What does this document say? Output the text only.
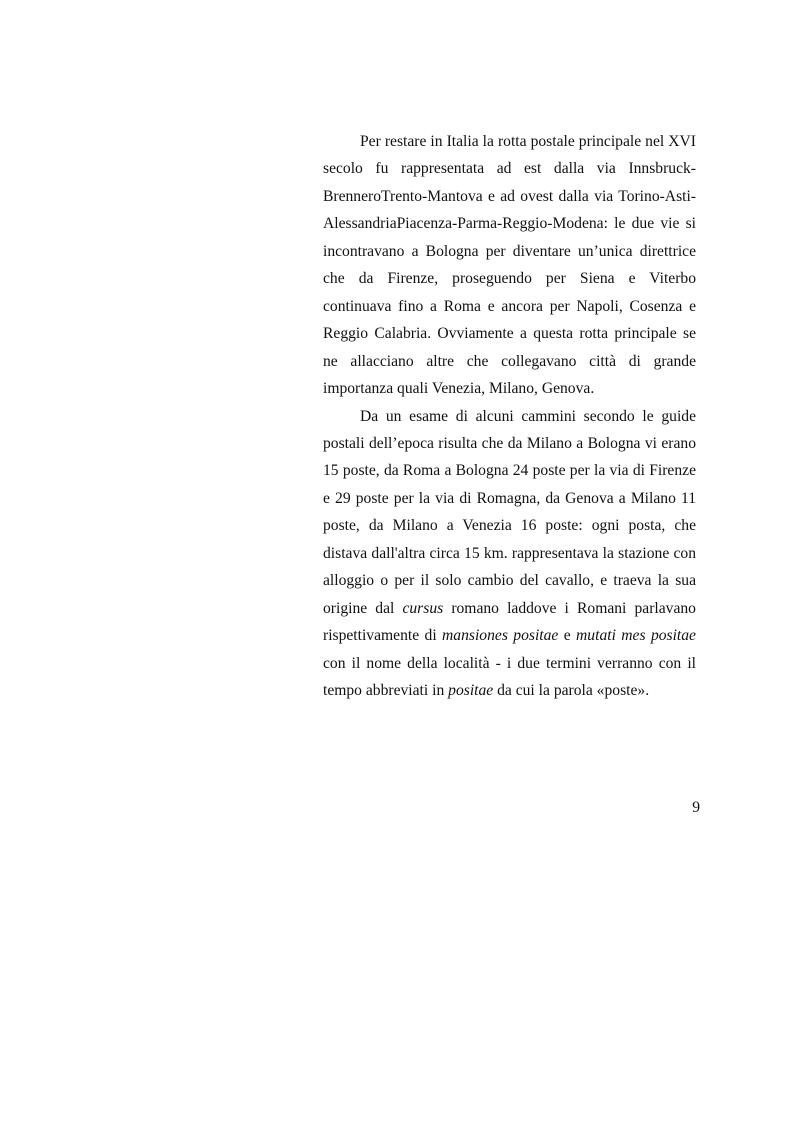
Per restare in Italia la rotta postale principale nel XVI secolo fu rappresentata ad est dalla via Innsbruck-BrenneroTrento-Mantova e ad ovest dalla via Torino-Asti-AlessandriaPiacenza-Parma-Reggio-Modena: le due vie si incontravano a Bologna per diventare un’unica direttrice che da Firenze, proseguendo per Siena e Viterbo continuava fino a Roma e ancora per Napoli, Cosenza e Reggio Calabria. Ovviamente a questa rotta principale se ne allacciano altre che collegavano città di grande importanza quali Venezia, Milano, Genova.

Da un esame di alcuni cammini secondo le guide postali dell’epoca risulta che da Milano a Bologna vi erano 15 poste, da Roma a Bologna 24 poste per la via di Firenze e 29 poste per la via di Romagna, da Genova a Milano 11 poste, da Milano a Venezia 16 poste: ogni posta, che distava dall'altra circa 15 km. rappresentava la stazione con alloggio o per il solo cambio del cavallo, e traeva la sua origine dal cursus romano laddove i Romani parlavano rispettivamente di mansiones positae e mutati mes positae con il nome della località - i due termini verranno con il tempo abbreviati in positae da cui la parola «poste».

9
